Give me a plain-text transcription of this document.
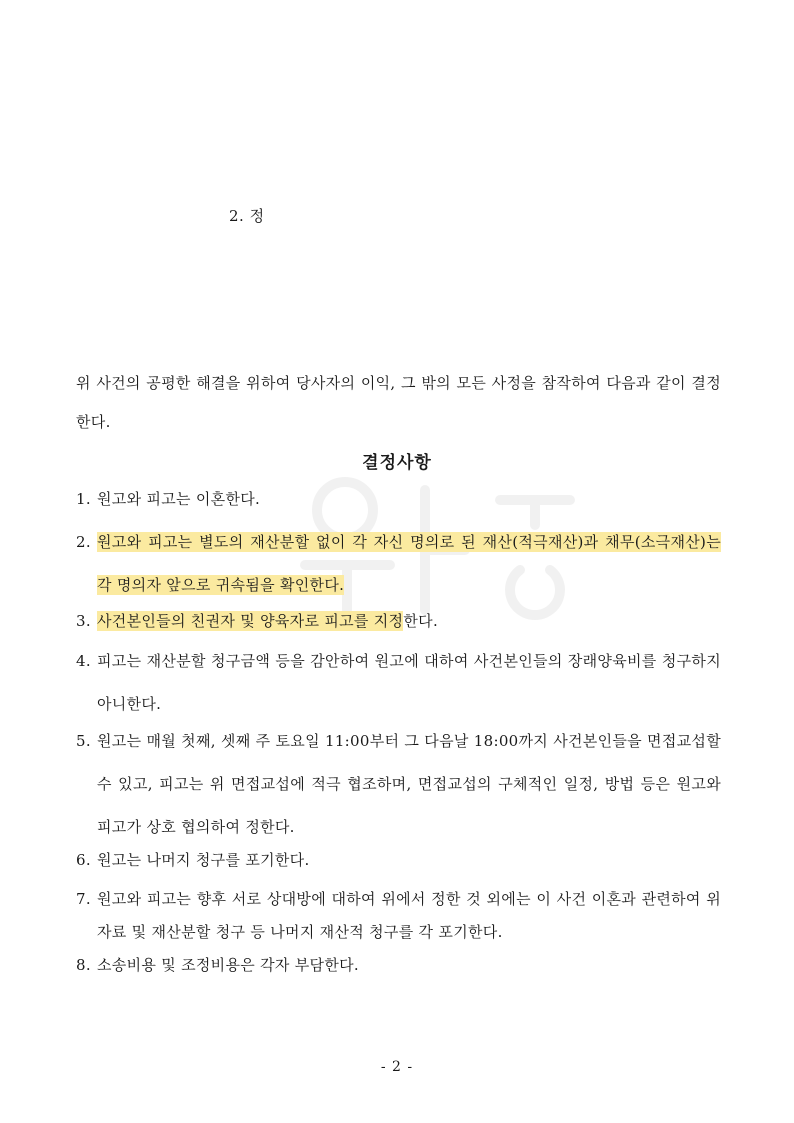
2. 정
위 사건의 공평한 해결을 위하여 당사자의 이익, 그 밖의 모든 사정을 참작하여 다음과 같이 결정한다.
결정사항
1. 원고와 피고는 이혼한다.
2. 원고와 피고는 별도의 재산분할 없이 각 자신 명의로 된 재산(적극재산)과 채무(소극재산)는 각 명의자 앞으로 귀속됨을 확인한다.
3. 사건본인들의 친권자 및 양육자로 피고를 지정한다.
4. 피고는 재산분할 청구금액 등을 감안하여 원고에 대하여 사건본인들의 장래양육비를 청구하지 아니한다.
5. 원고는 매월 첫째, 셋째 주 토요일 11:00부터 그 다음날 18:00까지 사건본인들을 면접교섭할 수 있고, 피고는 위 면접교섭에 적극 협조하며, 면접교섭의 구체적인 일정, 방법 등은 원고와 피고가 상호 협의하여 정한다.
6. 원고는 나머지 청구를 포기한다.
7. 원고와 피고는 향후 서로 상대방에 대하여 위에서 정한 것 외에는 이 사건 이혼과 관련하여 위자료 및 재산분할 청구 등 나머지 재산적 청구를 각 포기한다.
8. 소송비용 및 조정비용은 각자 부담한다.
- 2 -
